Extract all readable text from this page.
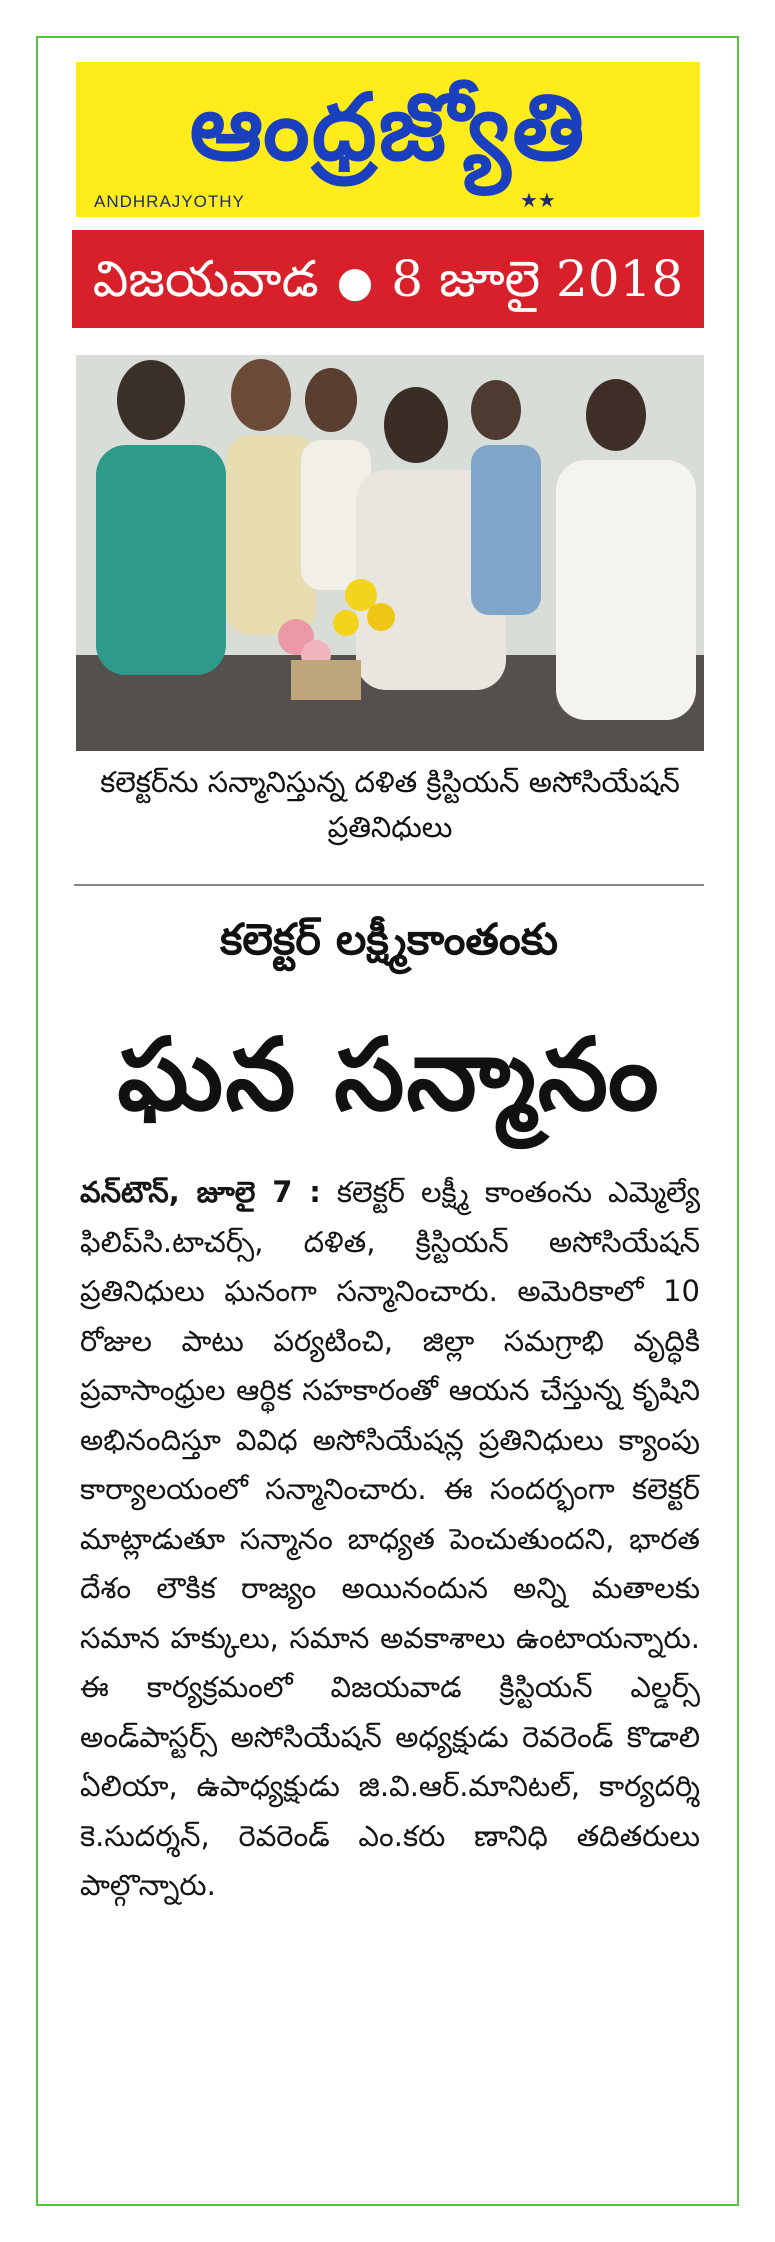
ఆంధ్రజ్యోతి
ANDHRAJYOTHY	★★
విజయవాడ ● 8 జూలై 2018
కలెక్టర్‌ను సన్మానిస్తున్న దళిత క్రిస్టియన్ అసోసియేషన్ ప్రతినిధులు
కలెక్టర్ లక్ష్మీకాంతంకు
ఘన సన్మానం
వన్‌టౌన్, జూలై 7 : కలెక్టర్ లక్ష్మీ కాంతంను ఎమ్మెల్యే ఫిలిప్‌సి.టాచర్స్, దళిత, క్రిస్టియన్ అసోసియేషన్ ప్రతినిధులు ఘనంగా సన్మానించారు. అమెరికాలో 10 రోజుల పాటు పర్యటించి, జిల్లా సమగ్రాభి వృద్ధికి ప్రవాసాంధ్రుల ఆర్థిక సహకారంతో ఆయన చేస్తున్న కృషిని అభినందిస్తూ వివిధ అసోసియేషన్ల ప్రతినిధులు క్యాంపు కార్యాలయంలో సన్మానించారు. ఈ సందర్భంగా కలెక్టర్ మాట్లాడుతూ సన్మానం బాధ్యత పెంచుతుందని, భారత దేశం లౌకిక రాజ్యం అయినందున అన్ని మతాలకు సమాన హక్కులు, సమాన అవకాశాలు ఉంటాయన్నారు. ఈ కార్యక్రమంలో విజయవాడ క్రిస్టియన్ ఎల్డర్స్ అండ్‌పాస్టర్స్ అసోసియేషన్ అధ్యక్షుడు రెవరెండ్ కొడాలి ఏలియా, ఉపాధ్యక్షుడు జి.వి.ఆర్.మానిటల్, కార్యదర్శి కె.సుదర్శన్, రెవరెండ్ ఎం.కరు ణానిధి తదితరులు పాల్గొన్నారు.
